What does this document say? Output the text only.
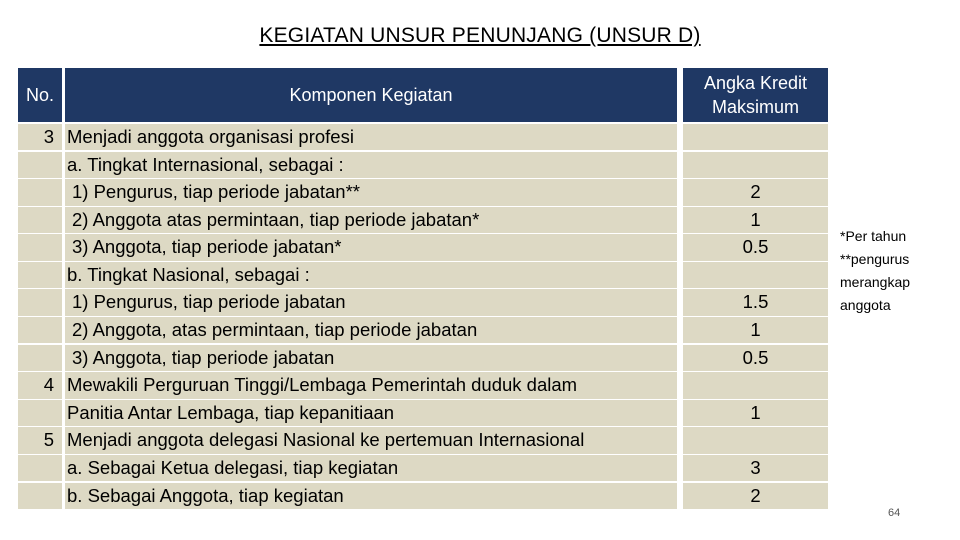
KEGIATAN UNSUR PENUNJANG (UNSUR D)
No.	Komponen Kegiatan
Angka Kredit Maksimum
3
4
5
Menjadi anggota organisasi profesi
a. Tingkat Internasional, sebagai :
1) Pengurus, tiap periode jabatan**
2) Anggota atas permintaan, tiap periode jabatan*
3) Anggota, tiap periode jabatan*
b. Tingkat Nasional, sebagai :
1) Pengurus, tiap periode jabatan
2) Anggota, atas permintaan, tiap periode jabatan
3) Anggota, tiap periode jabatan
Mewakili Perguruan Tinggi/Lembaga Pemerintah duduk dalam
Panitia Antar Lembaga, tiap kepanitiaan
Menjadi anggota delegasi Nasional ke pertemuan Internasional
a. Sebagai Ketua delegasi, tiap kegiatan
b. Sebagai Anggota, tiap kegiatan
2
1
0.5
1.5
1
0.5
1
3
2
*Per tahun
**pengurus
merangkap
anggota
64
